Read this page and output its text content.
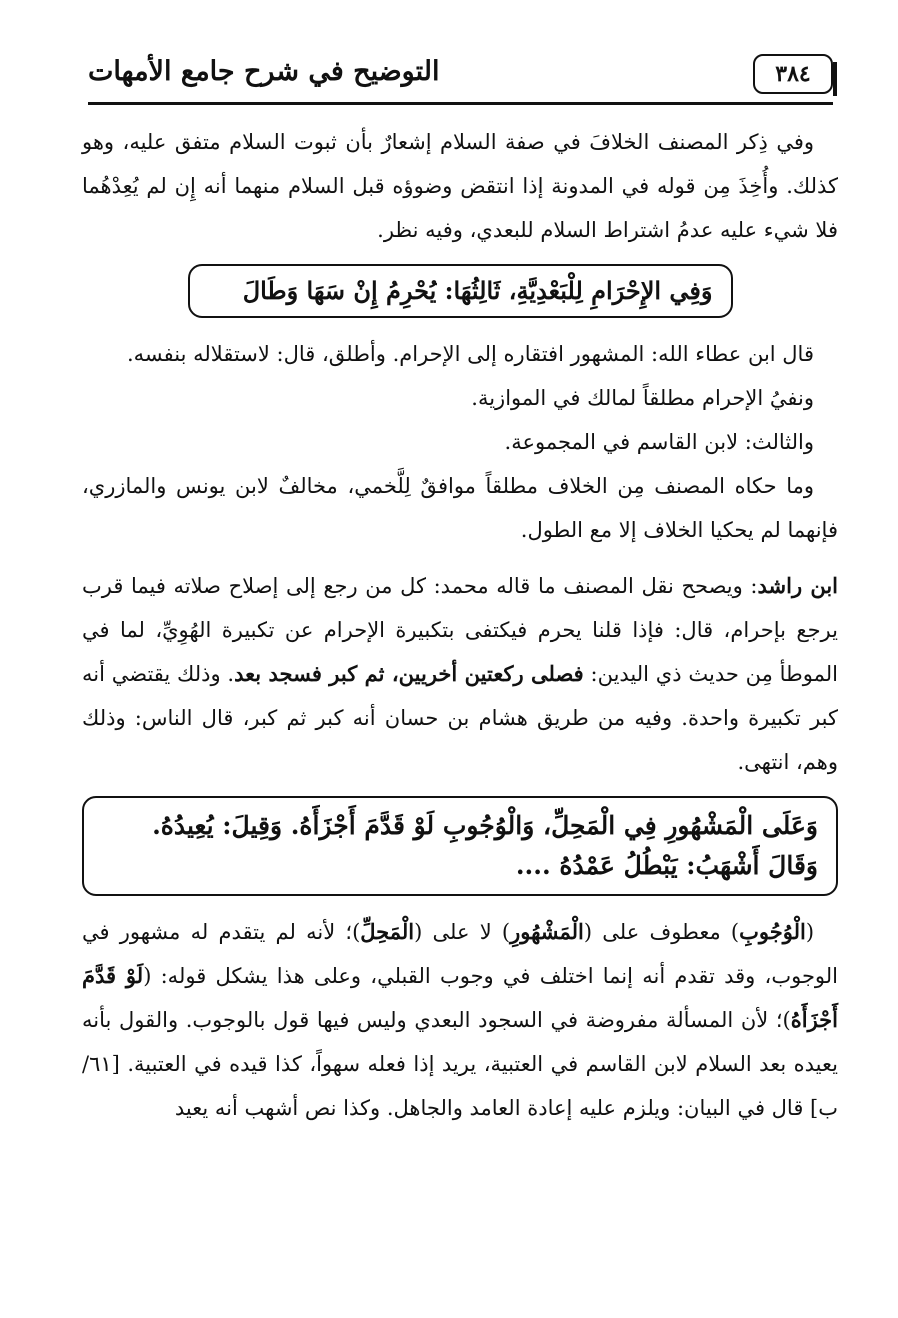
٣٨٤
التوضيح في شرح جامع الأمهات

وفي ذِكر المصنف الخلافَ في صفة السلام إشعارٌ بأن ثبوت السلام متفق عليه، وهو كذلك. وأُخِذَ مِن قوله في المدونة إذا انتقض وضوؤه قبل السلام منهما أنه إِن لم يُعِدْهُما فلا شيء عليه عدمُ اشتراط السلام للبعدي، وفيه نظر.

وَفِي الإِحْرَامِ لِلْبَعْدِيَّةِ، ثَالِثُهَا: يُحْرِمُ إِنْ سَهَا وَطَالَ

قال ابن عطاء الله: المشهور افتقاره إلى الإحرام. وأطلق، قال: لاستقلاله بنفسه.

ونفيُ الإحرام مطلقاً لمالك في الموازية.

والثالث: لابن القاسم في المجموعة.

وما حكاه المصنف مِن الخلاف مطلقاً موافقٌ لِلَّخمي، مخالفٌ لابن يونس والمازري، فإنهما لم يحكيا الخلاف إلا مع الطول.

ابن راشد: ويصحح نقل المصنف ما قاله محمد: كل من رجع إلى إصلاح صلاته فيما قرب يرجع بإحرام، قال: فإذا قلنا يحرم فيكتفى بتكبيرة الإحرام عن تكبيرة الهُوِيِّ، لما في الموطأ مِن حديث ذي اليدين: فصلى ركعتين أخريين، ثم كبر فسجد بعد. وذلك يقتضي أنه كبر تكبيرة واحدة. وفيه من طريق هشام بن حسان أنه كبر ثم كبر، قال الناس: وذلك وهم، انتهى.

وَعَلَى الْمَشْهُورِ فِي الْمَحِلِّ، وَالْوُجُوبِ لَوْ قَدَّمَ أَجْزَأَهُ. وَقِيلَ: يُعِيدُهُ. وَقَالَ أَشْهَبُ: يَبْطُلُ عَمْدُهُ ....

(الْوُجُوبِ) معطوف على (الْمَشْهُورِ) لا على (الْمَحِلِّ)؛ لأنه لم يتقدم له مشهور في الوجوب، وقد تقدم أنه إنما اختلف في وجوب القبلي، وعلى هذا يشكل قوله: (لَوْ قَدَّمَ أَجْزَأَهُ)؛ لأن المسألة مفروضة في السجود البعدي وليس فيها قول بالوجوب. والقول بأنه يعيده بعد السلام لابن القاسم في العتبية، يريد إذا فعله سهواً، كذا قيده في العتبية. [٦١/ ب] قال في البيان: ويلزم عليه إعادة العامد والجاهل. وكذا نص أشهب أنه يعيد
